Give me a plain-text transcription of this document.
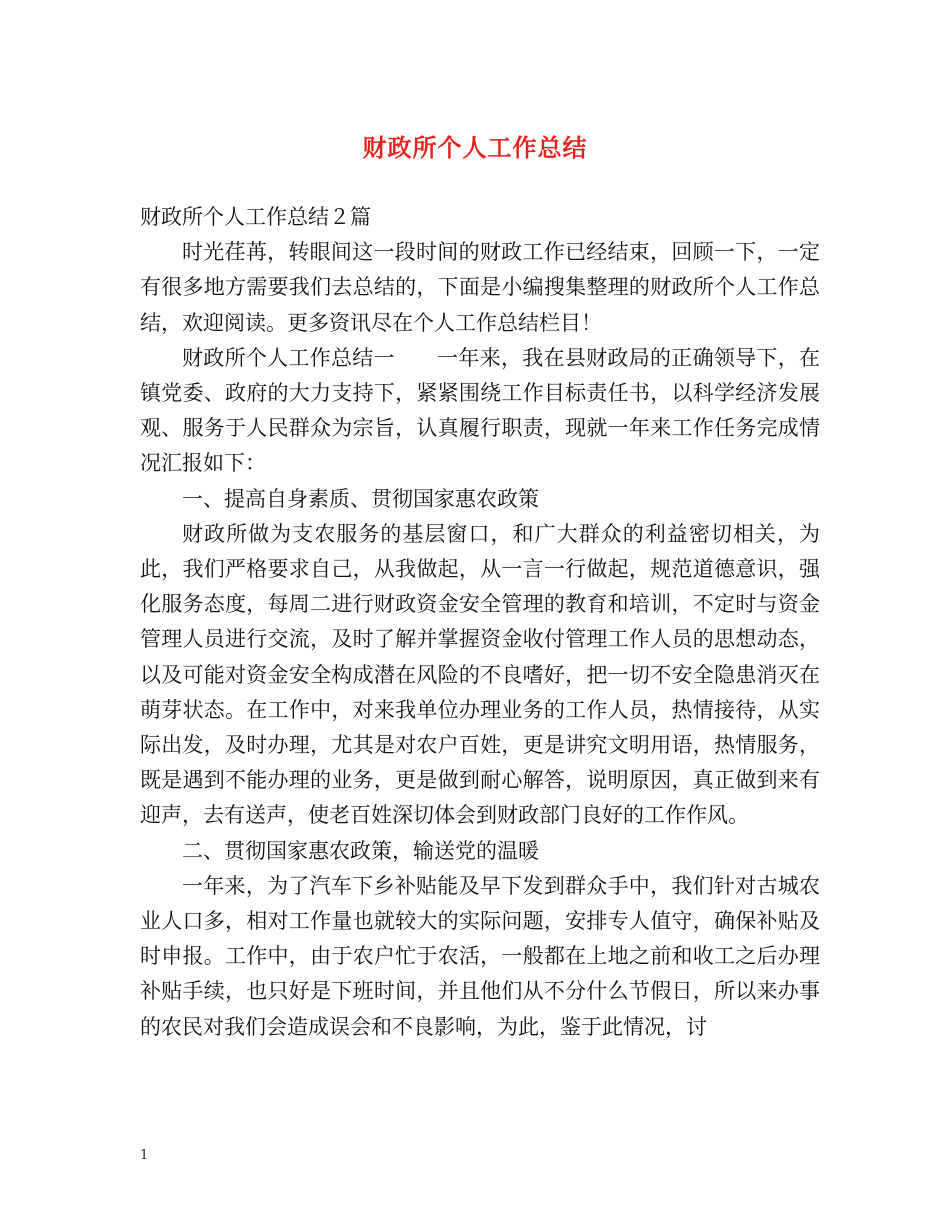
财政所个人工作总结

财政所个人工作总结２篇

时光荏苒，转眼间这一段时间的财政工作已经结束，回顾一下，一定有很多地方需要我们去总结的，下面是小编搜集整理的财政所个人工作总结，欢迎阅读。更多资讯尽在个人工作总结栏目！

财政所个人工作总结一 一年来，我在县财政局的正确领导下，在镇党委、政府的大力支持下，紧紧围绕工作目标责任书，以科学经济发展观、服务于人民群众为宗旨，认真履行职责，现就一年来工作任务完成情况汇报如下：

一、提高自身素质、贯彻国家惠农政策

财政所做为支农服务的基层窗口，和广大群众的利益密切相关，为此，我们严格要求自己，从我做起，从一言一行做起，规范道德意识，强化服务态度，每周二进行财政资金安全管理的教育和培训，不定时与资金管理人员进行交流，及时了解并掌握资金收付管理工作人员的思想动态，以及可能对资金安全构成潜在风险的不良嗜好，把一切不安全隐患消灭在萌芽状态。在工作中，对来我单位办理业务的工作人员，热情接待，从实际出发，及时办理，尤其是对农户百姓，更是讲究文明用语，热情服务，既是遇到不能办理的业务，更是做到耐心解答，说明原因，真正做到来有迎声，去有送声，使老百姓深切体会到财政部门良好的工作作风。

二、贯彻国家惠农政策，输送党的温暖

一年来，为了汽车下乡补贴能及早下发到群众手中，我们针对古城农业人口多，相对工作量也就较大的实际问题，安排专人值守，确保补贴及时申报。工作中，由于农户忙于农活，一般都在上地之前和收工之后办理补贴手续，也只好是下班时间，并且他们从不分什么节假日，所以来办事的农民对我们会造成误会和不良影响，为此，鉴于此情况，讨

1
